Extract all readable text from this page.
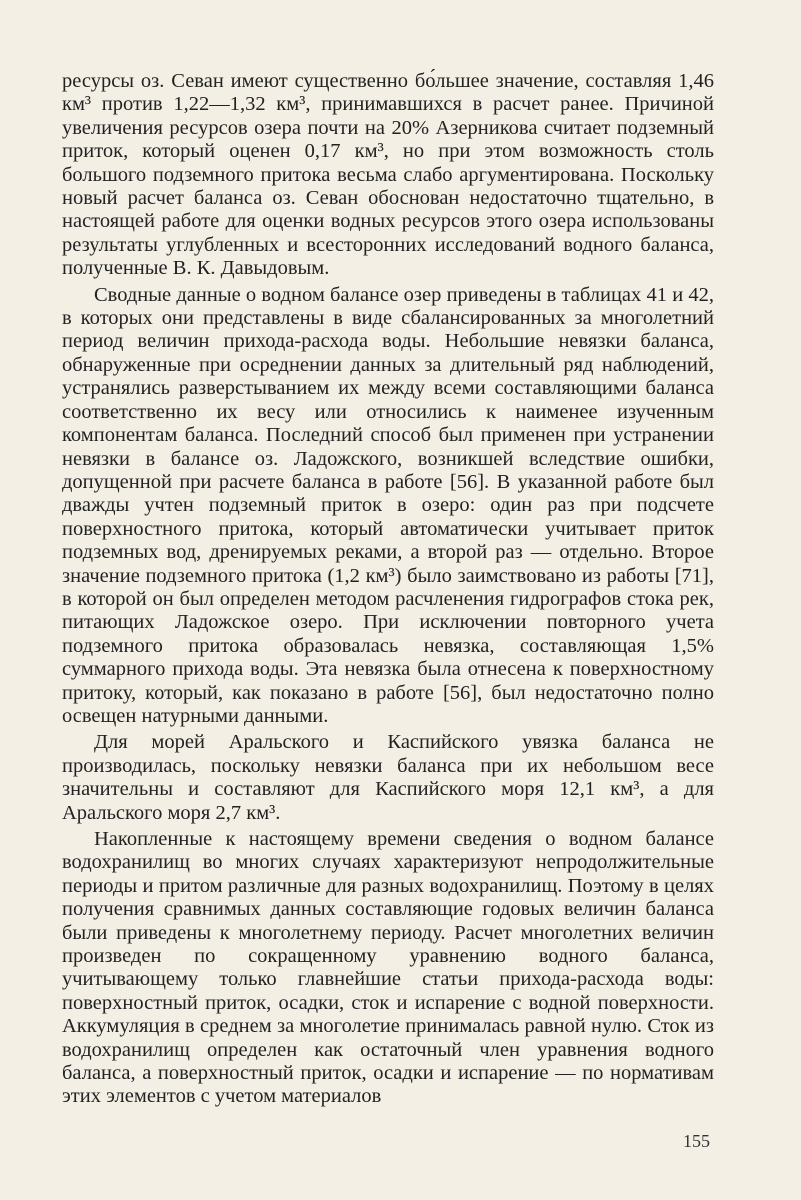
ресурсы оз. Севан имеют существенно бо́льшее значение, составляя 1,46 км³ против 1,22—1,32 км³, принимавшихся в расчет ранее. Причиной увеличения ресурсов озера почти на 20% Азерникова считает подземный приток, который оценен 0,17 км³, но при этом возможность столь большого подземного притока весьма слабо аргументирована. Поскольку новый расчет баланса оз. Севан обоснован недостаточно тщательно, в настоящей работе для оценки водных ресурсов этого озера использованы результаты углубленных и всесторонних исследований водного баланса, полученные В. К. Давыдовым.

Сводные данные о водном балансе озер приведены в таблицах 41 и 42, в которых они представлены в виде сбалансированных за многолетний период величин прихода-расхода воды. Небольшие невязки баланса, обнаруженные при осреднении данных за длительный ряд наблюдений, устранялись разверстыванием их между всеми составляющими баланса соответственно их весу или относились к наименее изученным компонентам баланса. Последний способ был применен при устранении невязки в балансе оз. Ладожского, возникшей вследствие ошибки, допущенной при расчете баланса в работе [56]. В указанной работе был дважды учтен подземный приток в озеро: один раз при подсчете поверхностного притока, который автоматически учитывает приток подземных вод, дренируемых реками, а второй раз — отдельно. Второе значение подземного притока (1,2 км³) было заимствовано из работы [71], в которой он был определен методом расчленения гидрографов стока рек, питающих Ладожское озеро. При исключении повторного учета подземного притока образовалась невязка, составляющая 1,5% суммарного прихода воды. Эта невязка была отнесена к поверхностному притоку, который, как показано в работе [56], был недостаточно полно освещен натурными данными.

Для морей Аральского и Каспийского увязка баланса не производилась, поскольку невязки баланса при их небольшом весе значительны и составляют для Каспийского моря 12,1 км³, а для Аральского моря 2,7 км³.

Накопленные к настоящему времени сведения о водном балансе водохранилищ во многих случаях характеризуют непродолжительные периоды и притом различные для разных водохранилищ. Поэтому в целях получения сравнимых данных составляющие годовых величин баланса были приведены к многолетнему периоду. Расчет многолетних величин произведен по сокращенному уравнению водного баланса, учитывающему только главнейшие статьи прихода-расхода воды: поверхностный приток, осадки, сток и испарение с водной поверхности. Аккумуляция в среднем за многолетие принималась равной нулю. Сток из водохранилищ определен как остаточный член уравнения водного баланса, а поверхностный приток, осадки и испарение — по нормативам этих элементов с учетом материалов

155
